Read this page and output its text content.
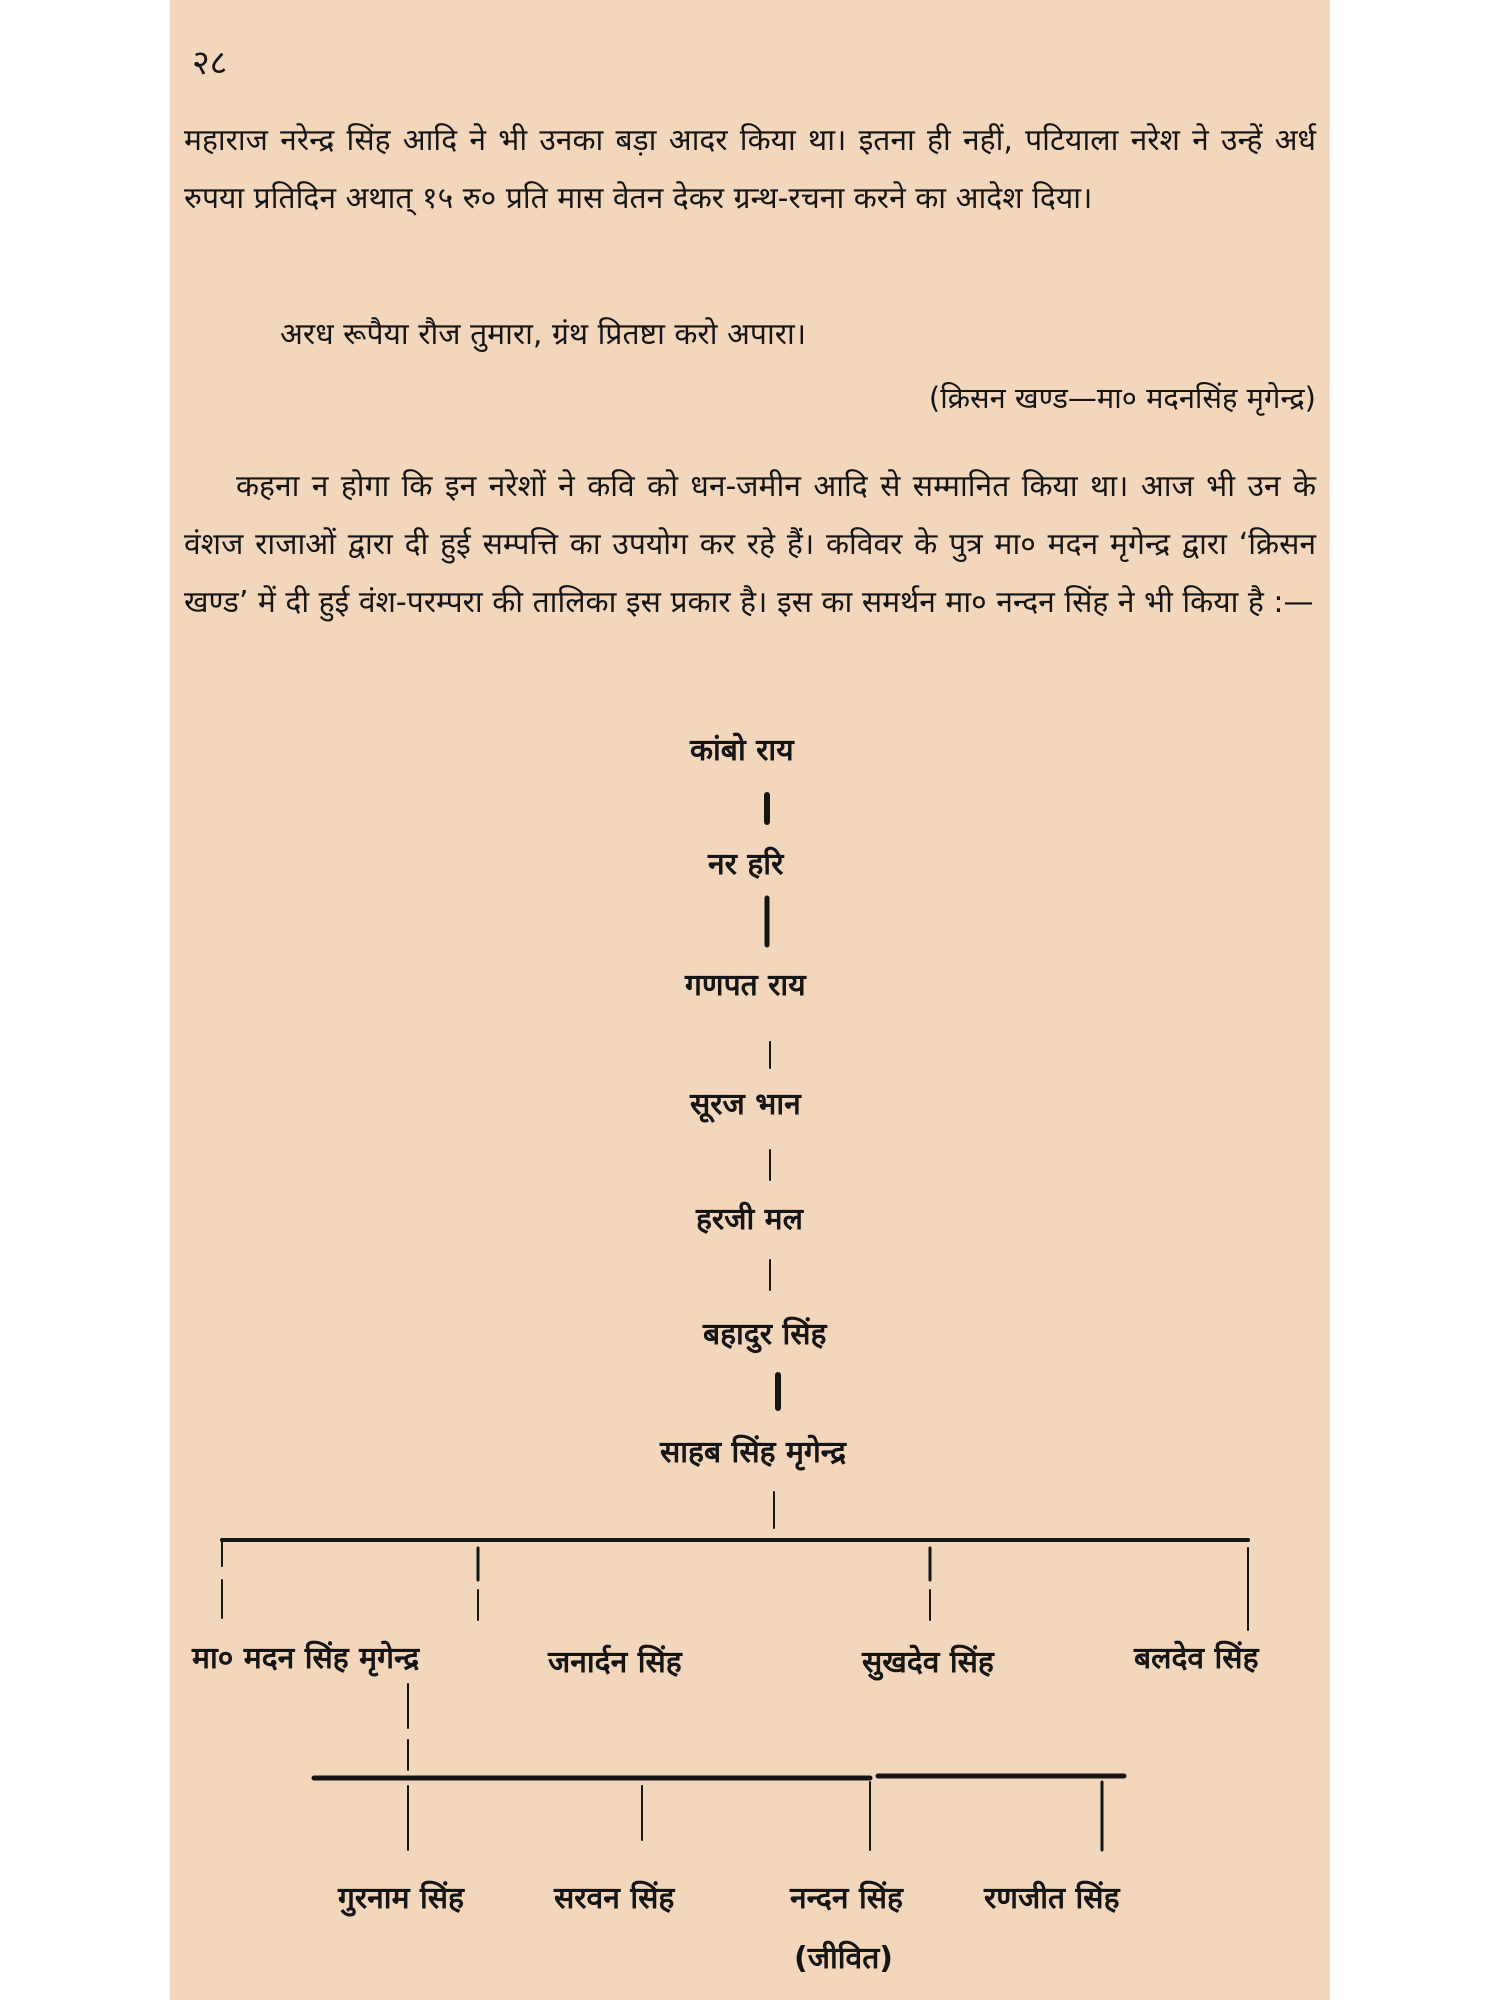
२८
महाराज नरेन्द्र सिंह आदि ने भी उनका बड़ा आदर किया था। इतना ही नहीं, पटियाला नरेश ने उन्हें अर्ध रुपया प्रतिदिन अथात् १५ रु० प्रति मास वेतन देकर ग्रन्थ-रचना करने का आदेश दिया।
अरध रूपैया रौज तुमारा, ग्रंथ प्रितष्टा करो अपारा।
(क्रिसन खण्ड—मा० मदनसिंह मृगेन्द्र)
कहना न होगा कि इन नरेशों ने कवि को धन-जमीन आदि से सम्मानित किया था। आज भी उन के वंशज राजाओं द्वारा दी हुई सम्पत्ति का उपयोग कर रहे हैं। कविवर के पुत्र मा० मदन मृगेन्द्र द्वारा ‘क्रिसन खण्ड’ में दी हुई वंश-परम्परा की तालिका इस प्रकार है। इस का समर्थन मा० नन्दन सिंह ने भी किया है :—
कांबो राय
नर हरि
गणपत राय
सूरज भान
हरजी मल
बहादुर सिंह
साहब सिंह मृगेन्द्र
मा० मदन सिंह मृगेन्द्र	जनार्दन सिंह	सुखदेव सिंह	बलदेव सिंह
गुरनाम सिंह	सरवन सिंह	नन्दन सिंह	रणजीत सिंह
(जीवित)
